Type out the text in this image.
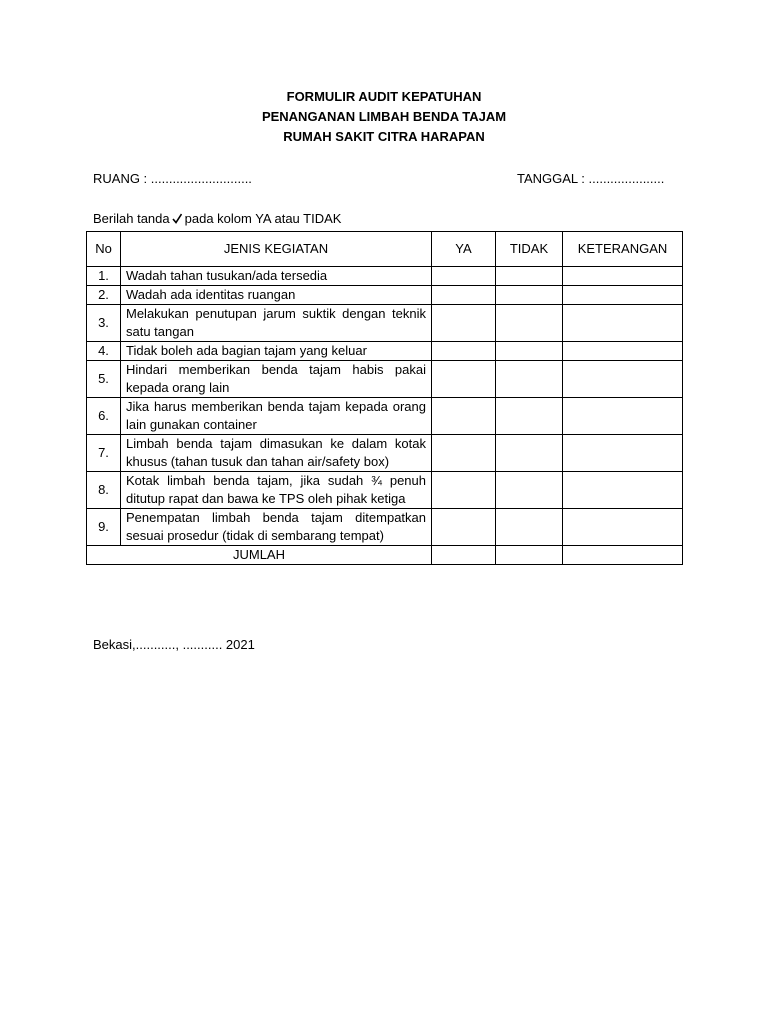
FORMULIR AUDIT KEPATUHAN
PENANGANAN LIMBAH BENDA TAJAM
RUMAH SAKIT CITRA HARAPAN
RUANG : ............................	TANGGAL : .....................
Berilah tanda pada kolom YA atau TIDAK
No	JENIS KEGIATAN	YA	TIDAK	KETERANGAN
1.	Wadah tahan tusukan/ada tersedia			
2.	Wadah ada identitas ruangan			
3.	Melakukan penutupan jarum suktik dengan teknik satu tangan			
4.	Tidak boleh ada bagian tajam yang keluar			
5.	Hindari memberikan benda tajam habis pakai kepada orang lain			
6.	Jika harus memberikan benda tajam kepada orang lain gunakan container			
7.	Limbah benda tajam dimasukan ke dalam kotak khusus (tahan tusuk dan tahan air/safety box)			
8.	Kotak limbah benda tajam, jika sudah ¾ penuh ditutup rapat dan bawa ke TPS oleh pihak ketiga			
9.	Penempatan limbah benda tajam ditempatkan sesuai prosedur (tidak di sembarang tempat)			
JUMLAH				
Bekasi,..........., ........... 2021
